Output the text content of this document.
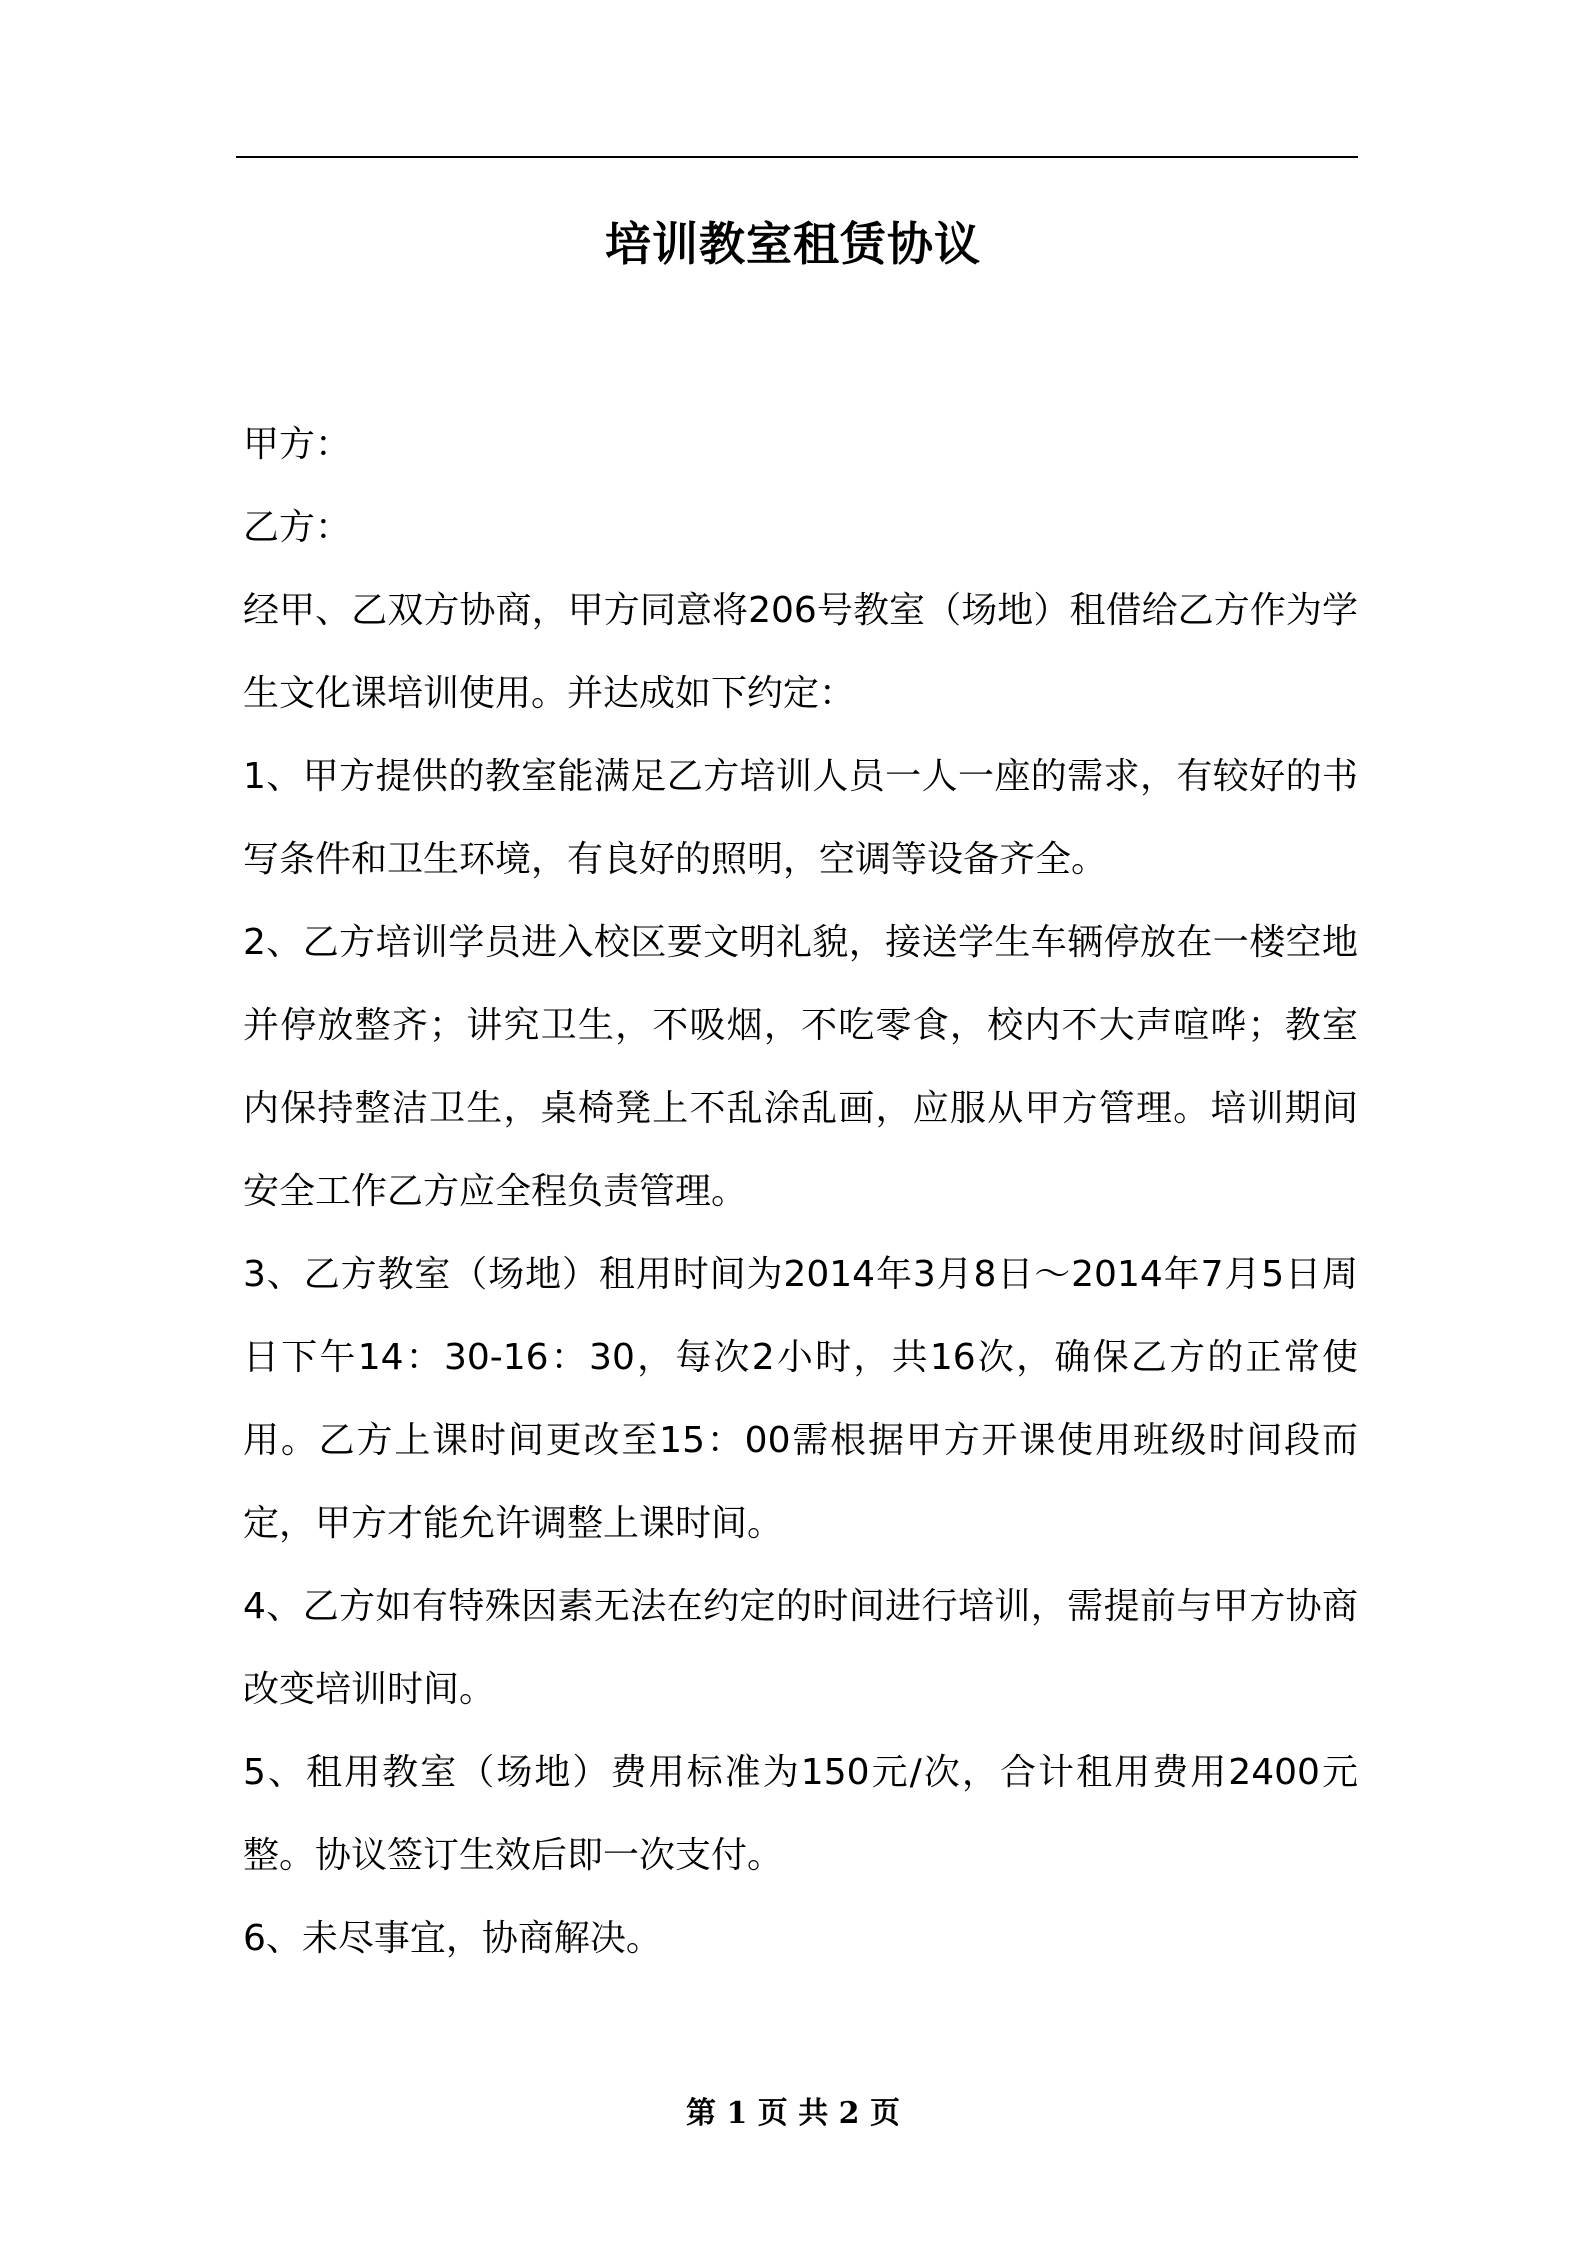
培训教室租赁协议

甲方：

乙方：

经甲、乙双方协商，甲方同意将206号教室（场地）租借给乙方作为学生文化课培训使用。并达成如下约定：

1、甲方提供的教室能满足乙方培训人员一人一座的需求，有较好的书写条件和卫生环境，有良好的照明，空调等设备齐全。

2、乙方培训学员进入校区要文明礼貌，接送学生车辆停放在一楼空地并停放整齐；讲究卫生，不吸烟，不吃零食，校内不大声喧哗；教室内保持整洁卫生，桌椅凳上不乱涂乱画，应服从甲方管理。培训期间安全工作乙方应全程负责管理。

3、乙方教室（场地）租用时间为2014年3月8日～2014年7月5日周日下午14：30-16：30，每次2小时，共16次，确保乙方的正常使用。乙方上课时间更改至15：00需根据甲方开课使用班级时间段而定，甲方才能允许调整上课时间。

4、乙方如有特殊因素无法在约定的时间进行培训，需提前与甲方协商改变培训时间。

5、租用教室（场地）费用标准为150元/次，合计租用费用2400元整。协议签订生效后即一次支付。

6、未尽事宜，协商解决。

第 1 页 共 2 页
